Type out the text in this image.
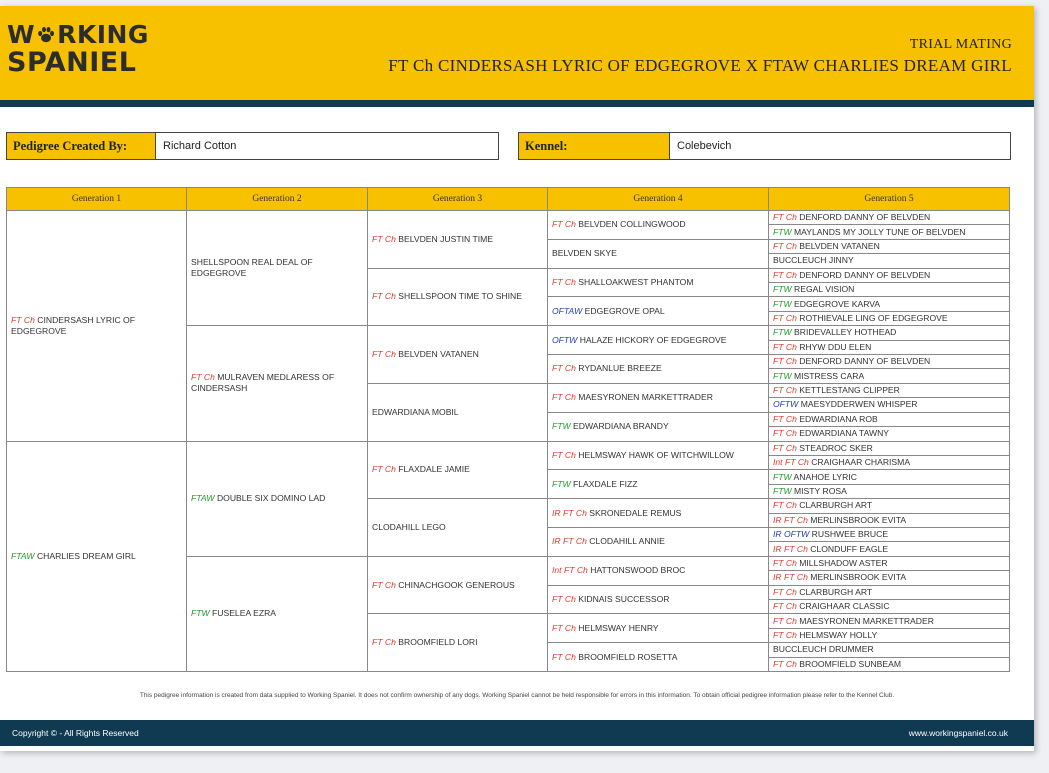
W RKING
SPANIEL
TRIAL MATING
FT Ch CINDERSASH LYRIC OF EDGEGROVE X FTAW CHARLIES DREAM GIRL
Pedigree Created By:	Richard Cotton	Kennel:	Colebevich
Generation 1	Generation 2	Generation 3	Generation 4	Generation 5
FT Ch CINDERSASH LYRIC OF EDGEGROVE	SHELLSPOON REAL DEAL OF EDGEGROVE	FT Ch BELVDEN JUSTIN TIME	FT Ch BELVDEN COLLINGWOOD	FT Ch DENFORD DANNY OF BELVDEN
				FTW MAYLANDS MY JOLLY TUNE OF BELVDEN
			BELVDEN SKYE	FT Ch BELVDEN VATANEN
				BUCCLEUCH JINNY
		FT Ch SHELLSPOON TIME TO SHINE	FT Ch SHALLOAKWEST PHANTOM	FT Ch DENFORD DANNY OF BELVDEN
				FTW REGAL VISION
			OFTAW EDGEGROVE OPAL	FTW EDGEGROVE KARVA
				FT Ch ROTHIEVALE LING OF EDGEGROVE
	FT Ch MULRAVEN MEDLARESS OF CINDERSASH	FT Ch BELVDEN VATANEN	OFTW HALAZE HICKORY OF EDGEGROVE	FTW BRIDEVALLEY HOTHEAD
				FT Ch RHYW DDU ELEN
			FT Ch RYDANLUE BREEZE	FT Ch DENFORD DANNY OF BELVDEN
				FTW MISTRESS CARA
		EDWARDIANA MOBIL	FT Ch MAESYRONEN MARKETTRADER	FT Ch KETTLESTANG CLIPPER
				OFTW MAESYDDERWEN WHISPER
			FTW EDWARDIANA BRANDY	FT Ch EDWARDIANA ROB
				FT Ch EDWARDIANA TAWNY
FTAW CHARLIES DREAM GIRL	FTAW DOUBLE SIX DOMINO LAD	FT Ch FLAXDALE JAMIE	FT Ch HELMSWAY HAWK OF WITCHWILLOW	FT Ch STEADROC SKER
				Int FT Ch CRAIGHAAR CHARISMA
			FTW FLAXDALE FIZZ	FTW ANAHOE LYRIC
				FTW MISTY ROSA
		CLODAHILL LEGO	IR FT Ch SKRONEDALE REMUS	FT Ch CLARBURGH ART
				IR FT Ch MERLINSBROOK EVITA
			IR FT Ch CLODAHILL ANNIE	IR OFTW RUSHWEE BRUCE
				IR FT Ch CLONDUFF EAGLE
	FTW FUSELEA EZRA	FT Ch CHINACHGOOK GENEROUS	Int FT Ch HATTONSWOOD BROC	FT Ch MILLSHADOW ASTER
				IR FT Ch MERLINSBROOK EVITA
			FT Ch KIDNAIS SUCCESSOR	FT Ch CLARBURGH ART
				FT Ch CRAIGHAAR CLASSIC
		FT Ch BROOMFIELD LORI	FT Ch HELMSWAY HENRY	FT Ch MAESYRONEN MARKETTRADER
				FT Ch HELMSWAY HOLLY
			FT Ch BROOMFIELD ROSETTA	BUCCLEUCH DRUMMER
				FT Ch BROOMFIELD SUNBEAM
This pedigree information is created from data supplied to Working Spaniel. It does not confirm ownership of any dogs. Working Spaniel cannot be held responsible for errors in this information. To obtain official pedigree information please refer to the Kennel Club.
Copyright © - All Rights Reserved	www.workingspaniel.co.uk
